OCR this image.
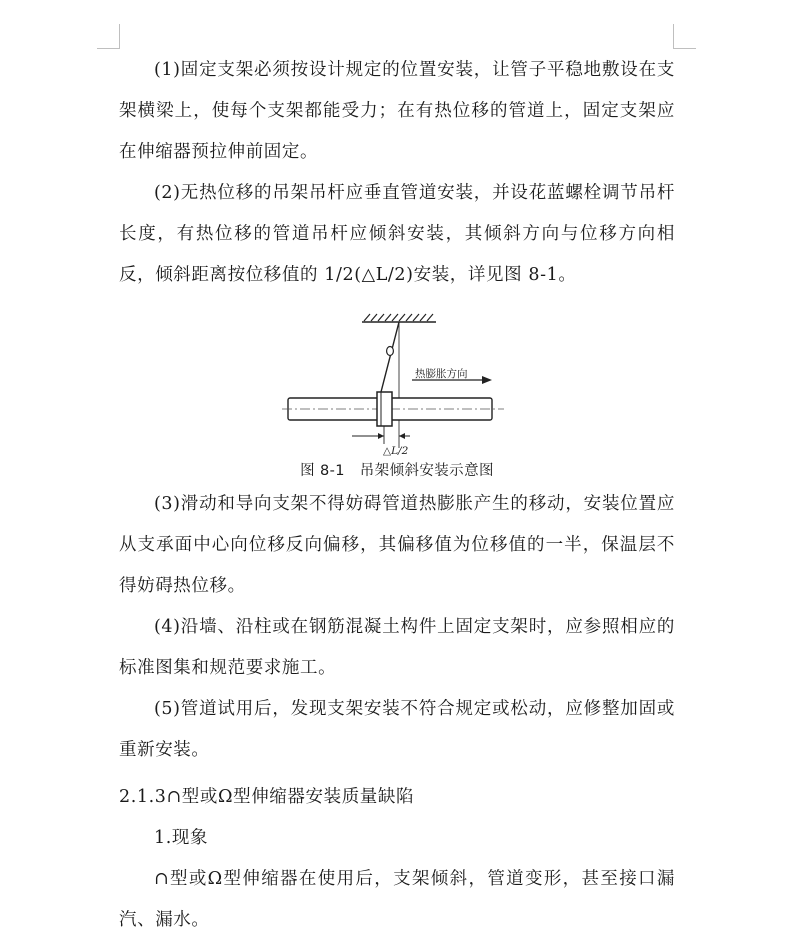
(1)固定支架必须按设计规定的位置安装，让管子平稳地敷设在支架横梁上，使每个支架都能受力；在有热位移的管道上，固定支架应在伸缩器预拉伸前固定。

(2)无热位移的吊架吊杆应垂直管道安装，并设花蓝螺栓调节吊杆长度，有热位移的管道吊杆应倾斜安装，其倾斜方向与位移方向相反，倾斜距离按位移值的 1/2(△L/2)安装，详见图 8-1。

热膨胀方向
△L/2
图 8-1　吊架倾斜安装示意图

(3)滑动和导向支架不得妨碍管道热膨胀产生的移动，安装位置应从支承面中心向位移反向偏移，其偏移值为位移值的一半，保温层不得妨碍热位移。

(4)沿墙、沿柱或在钢筋混凝土构件上固定支架时，应参照相应的标准图集和规范要求施工。

(5)管道试用后，发现支架安装不符合规定或松动，应修整加固或重新安装。

2.1.3∩型或Ω型伸缩器安装质量缺陷

1.现象

∩型或Ω型伸缩器在使用后，支架倾斜，管道变形，甚至接口漏汽、漏水。
